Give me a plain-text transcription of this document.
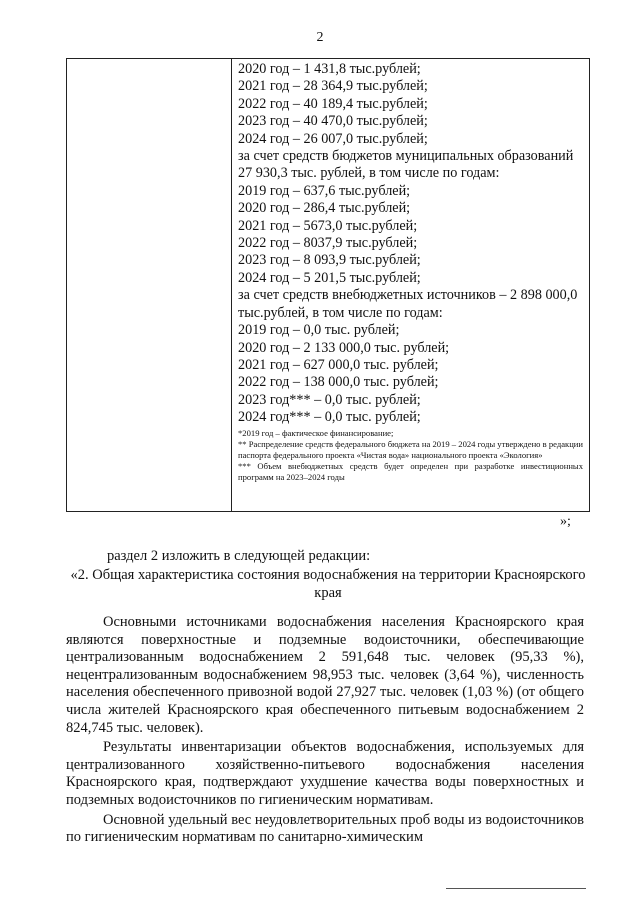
2
2020 год – 1 431,8 тыс.рублей;
2021 год – 28 364,9 тыс.рублей;
2022 год – 40 189,4 тыс.рублей;
2023 год – 40 470,0 тыс.рублей;
2024 год – 26 007,0 тыс.рублей;
за счет средств бюджетов муниципальных образований 27 930,3 тыс. рублей, в том числе по годам:
2019 год – 637,6 тыс.рублей;
2020 год – 286,4 тыс.рублей;
2021 год – 5673,0 тыс.рублей;
2022 год – 8037,9 тыс.рублей;
2023 год – 8 093,9 тыс.рублей;
2024 год – 5 201,5 тыс.рублей;
за счет средств внебюджетных источников – 2 898 000,0 тыс.рублей, в том числе по годам:
2019 год – 0,0 тыс. рублей;
2020 год – 2 133 000,0 тыс. рублей;
2021 год – 627 000,0 тыс. рублей;
2022 год – 138 000,0 тыс. рублей;
2023 год*** – 0,0 тыс. рублей;
2024 год*** – 0,0 тыс. рублей;
*2019 год – фактическое финансирование;
** Распределение средств федерального бюджета на 2019 – 2024 годы утверждено в редакции паспорта федерального проекта «Чистая вода» национального проекта «Экология»
*** Объем внебюджетных средств будет определен при разработке инвестиционных программ на 2023–2024 годы
»;
раздел 2 изложить в следующей редакции:
«2. Общая характеристика состояния водоснабжения на территории Красноярского края

Основными источниками водоснабжения населения Красноярского края являются поверхностные и подземные водоисточники, обеспечивающие централизованным водоснабжением 2 591,648 тыс. человек (95,33 %), нецентрализованным водоснабжением 98,953 тыс. человек (3,64 %), численность населения обеспеченного привозной водой 27,927 тыс. человек (1,03 %) (от общего числа жителей Красноярского края обеспеченного питьевым водоснабжением 2 824,745 тыс. человек).

Результаты инвентаризации объектов водоснабжения, используемых для централизованного хозяйственно-питьевого водоснабжения населения Красноярского края, подтверждают ухудшение качества воды поверхностных и подземных водоисточников по гигиеническим нормативам.

Основной удельный вес неудовлетворительных проб воды из водоисточников по гигиеническим нормативам по санитарно-химическим
